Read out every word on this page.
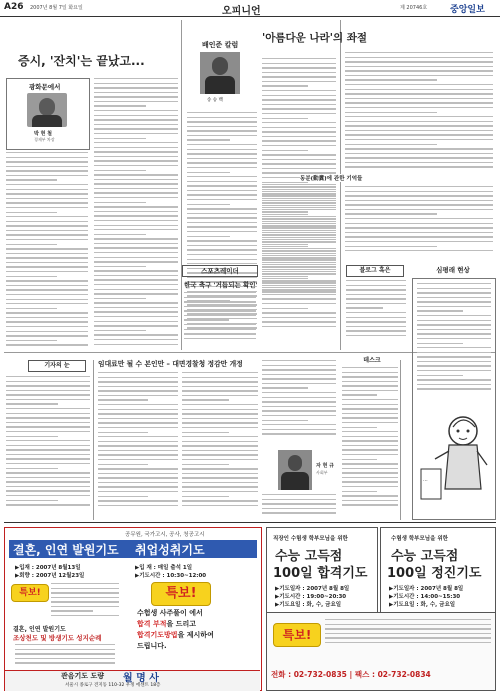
A26 2007년 8월 7일 화요일	오피니언	제 20746호	중앙일보
증시, '잔치'는 끝났고...
광화문에서
박 현 철
경제부 차장
배인준 칼럼
송 승 백
'아름다운 나라'의 좌절
동분(動糞)에 관한 기억들
스포츠레이더
한국 축구 '거듭되는 확인'
블로그 혹은	심평래 현상
...
데스크
자 현 규
사회부
기자의 눈	임대료만 될 수 본인만 – 대면경찰청 정감만 개정
공무원, 국가고시, 공사, 청공고시
결혼, 인연 발원기도 취업성취기도
▶입재 : 2007년 8월13일
▶회향 : 2007년 12월23일
▶입 재 : 매일 출석 1일
▶기도시간 : 10:30~12:00
특보!	특보!
수험생 사주풀이 에서
합격 부적을 드리고
합격기도방법을 제시하여
드립니다.
결혼, 인연 발원기도
조상천도 및 방생기도 성지순례
관음기도 도량 월 명 사
서울시 종로구 견지동 110-32 우정 에센트 18층
직장인 수험생 학부모님을 위한
수능 고득점
100일 합격기도
▶기도일자 : 2007년 8월 8일
▶기도시간 : 19:00~20:30
▶기도요일 : 화, 수, 금요일
수험생 학부모님을 위한
수능 고득점
100일 정진기도
▶기도일자 : 2007년 8월 8일
▶기도시간 : 14:00~15:30
▶기도요일 : 화, 수, 금요일
특보!
전화 : 02-732-0835 | 팩스 : 02-732-0834
